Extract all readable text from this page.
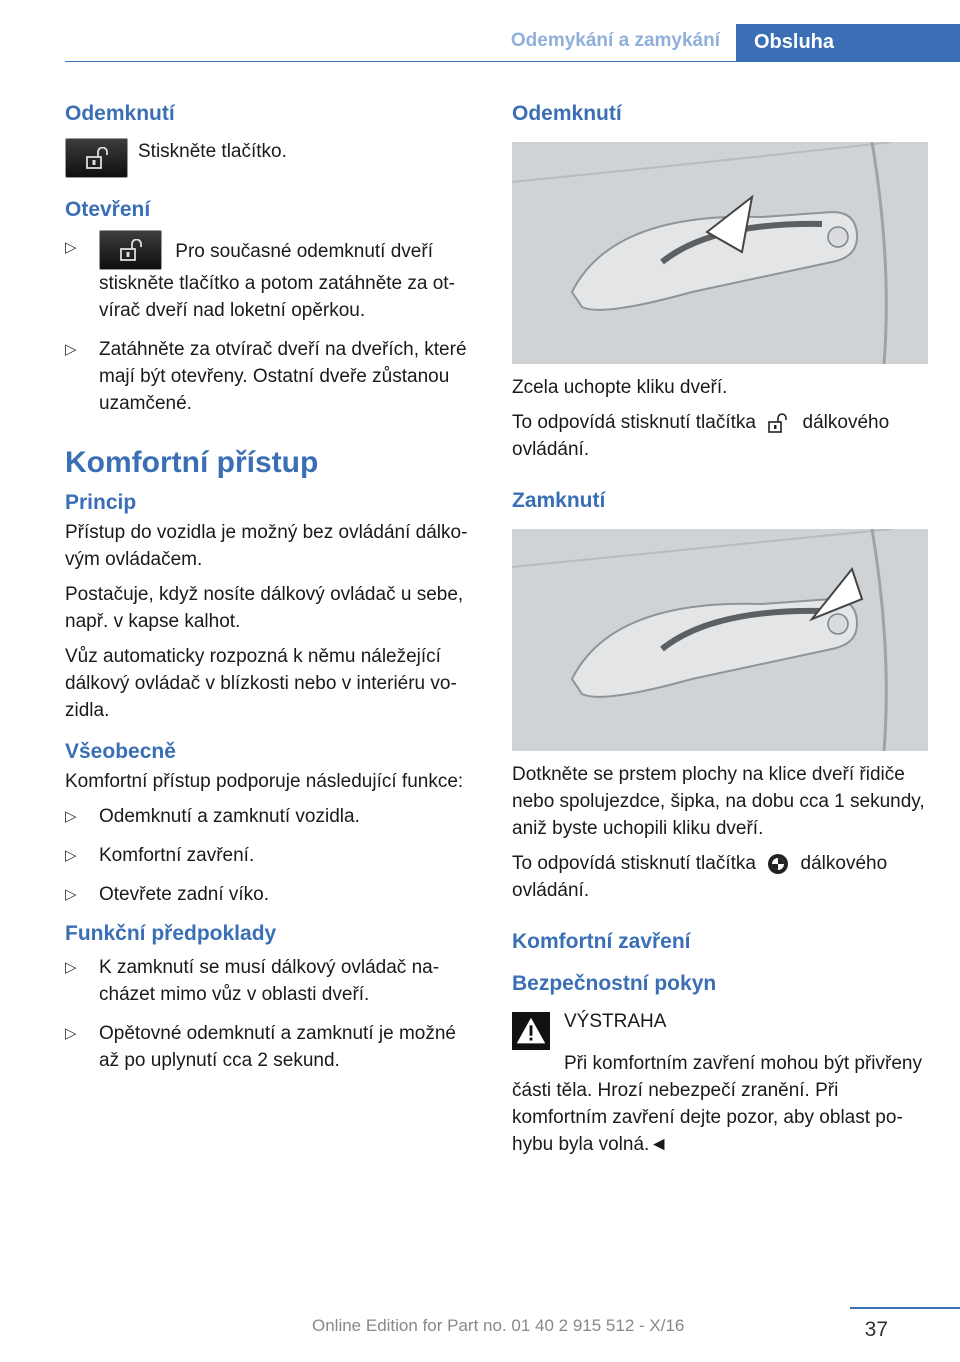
Odemykání a zamykání	Obsluha
Odemknutí

Stiskněte tlačítko.

Otevření
▷	Pro současné odemknutí dveří stiskněte tlačítko a potom zatáhněte za otvírač dveří nad loketní opěrkou.
▷ Zatáhněte za otvírač dveří na dveřích, které mají být otevřeny. Ostatní dveře zůstanou uzamčené.
Komfortní přístup
Princip

Přístup do vozidla je možný bez ovládání dálkovým ovládačem.

Postačuje, když nosíte dálkový ovládač u sebe, např. v kapse kalhot.

Vůz automaticky rozpozná k němu náležející dálkový ovládač v blízkosti nebo v interiéru vozidla.

Všeobecně

Komfortní přístup podporuje následující funkce:

▷ Odemknutí a zamknutí vozidla.
▷ Komfortní zavření.
▷ Otevřete zadní víko.
Funkční předpoklady
▷ K zamknutí se musí dálkový ovládač nacházet mimo vůz v oblasti dveří.
▷ Opětovné odemknutí a zamknutí je možné až po uplynutí cca 2 sekund.
Odemknutí

Zcela uchopte kliku dveří.

To odpovídá stisknutí tlačítka dálkového ovládání.

Zamknutí

Dotkněte se prstem plochy na klice dveří řidiče nebo spolujezdce, šipka, na dobu cca 1 sekundy, aniž byste uchopili kliku dveří.

To odpovídá stisknutí tlačítka dálkového ovládání.

Komfortní zavření
Bezpečnostní pokyn

VÝSTRAHA

Při komfortním zavření mohou být přivřeny části těla. Hrozí nebezpečí zranění. Při komfortním zavření dejte pozor, aby oblast pohybu byla volná.◄

Online Edition for Part no. 01 40 2 915 512 - X/16	37
